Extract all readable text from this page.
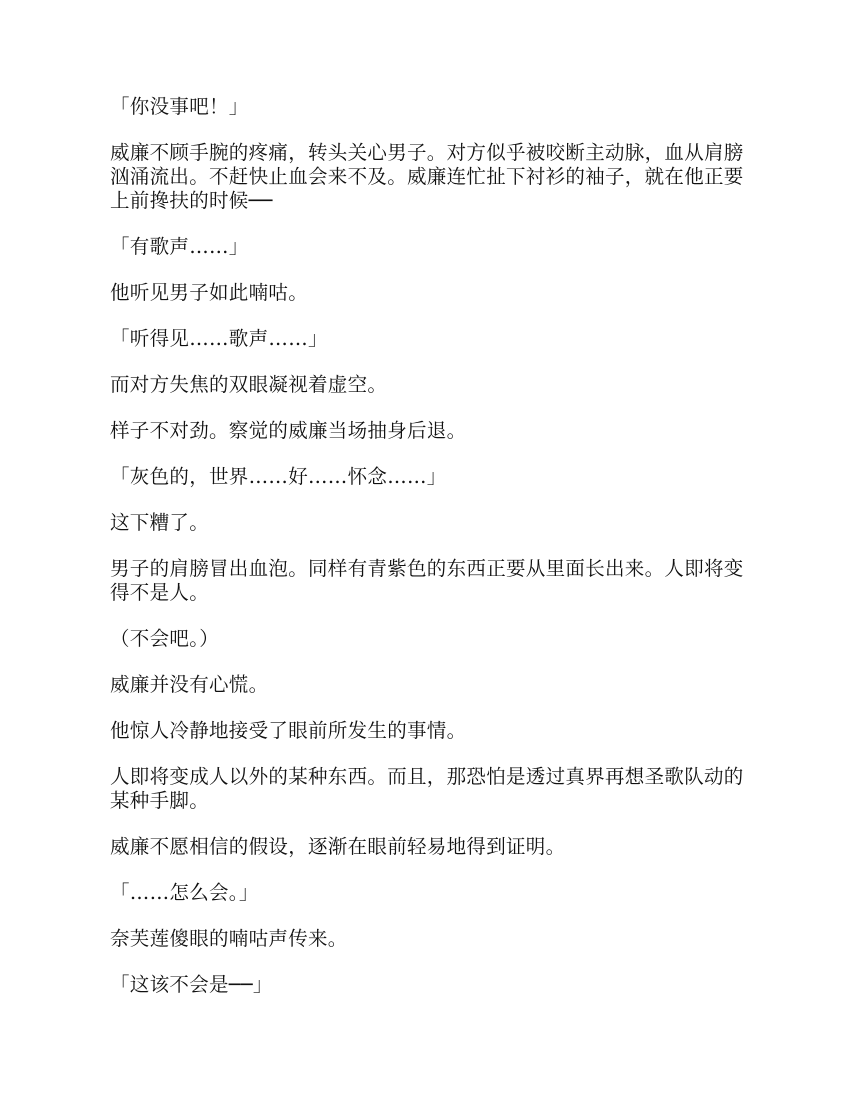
「你没事吧！」

威廉不顾手腕的疼痛，转头关心男子。对方似乎被咬断主动脉，血从肩膀汹涌流出。不赶快止血会来不及。威廉连忙扯下衬衫的袖子，就在他正要上前搀扶的时候──

「有歌声……」

他听见男子如此喃咕。

「听得见……歌声……」

而对方失焦的双眼凝视着虚空。

样子不对劲。察觉的威廉当场抽身后退。

「灰色的，世界……好……怀念……」

这下糟了。

男子的肩膀冒出血泡。同样有青紫色的东西正要从里面长出来。人即将变得不是人。

（不会吧。）

威廉并没有心慌。

他惊人冷静地接受了眼前所发生的事情。

人即将变成人以外的某种东西。而且，那恐怕是透过真界再想圣歌队动的某种手脚。

威廉不愿相信的假设，逐渐在眼前轻易地得到证明。

「……怎么会。」

奈芙莲傻眼的喃咕声传来。

「这该不会是──」
